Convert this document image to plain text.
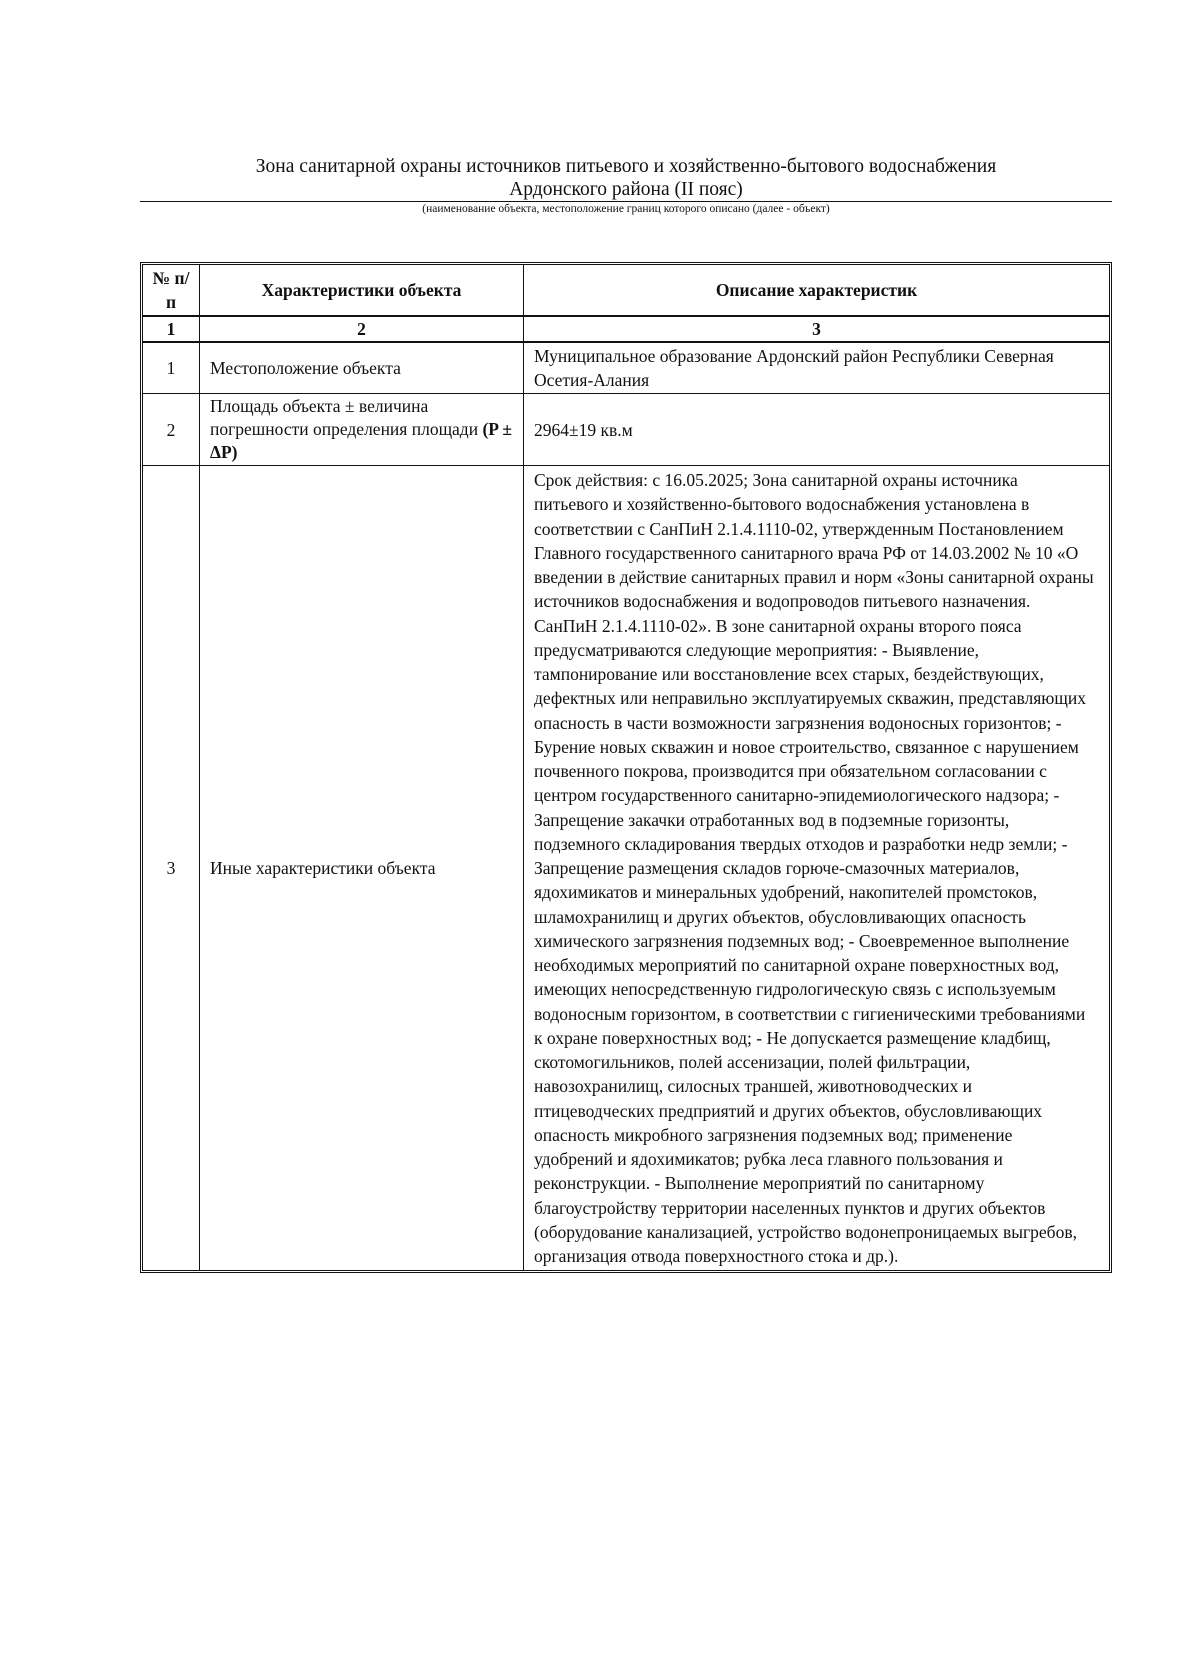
Зона санитарной охраны источников питьевого и хозяйственно-бытового водоснабжения
Ардонского района (II пояс)
(наименование объекта, местоположение границ которого описано (далее - объект)
№ п/п	Характеристики объекта	Описание характеристик
1	2	3
1	Местоположение объекта	Муниципальное образование Ардонский район Республики Северная Осетия-Алания
2	Площадь объекта ± величина погрешности определения площади (P ± ΔP)	2964±19 кв.м
3	Иные характеристики объекта	Срок действия: с 16.05.2025; Зона санитарной охраны источника питьевого и хозяйственно-бытового водоснабжения установлена в соответствии с СанПиН 2.1.4.1110-02, утвержденным Постановлением Главного государственного санитарного врача РФ от 14.03.2002 № 10 «О введении в действие санитарных правил и норм «Зоны санитарной охраны источников водоснабжения и водопроводов питьевого назначения. СанПиН 2.1.4.1110-02». В зоне санитарной охраны второго пояса предусматриваются следующие мероприятия: - Выявление, тампонирование или восстановление всех старых, бездействующих, дефектных или неправильно эксплуатируемых скважин, представляющих опасность в части возможности загрязнения водоносных горизонтов; - Бурение новых скважин и новое строительство, связанное с нарушением почвенного покрова, производится при обязательном согласовании с центром государственного санитарно-эпидемиологического надзора; - Запрещение закачки отработанных вод в подземные горизонты, подземного складирования твердых отходов и разработки недр земли; - Запрещение размещения складов горюче-смазочных материалов, ядохимикатов и минеральных удобрений, накопителей промстоков, шламохранилищ и других объектов, обусловливающих опасность химического загрязнения подземных вод; - Своевременное выполнение необходимых мероприятий по санитарной охране поверхностных вод, имеющих непосредственную гидрологическую связь с используемым водоносным горизонтом, в соответствии с гигиеническими требованиями к охране поверхностных вод; - Не допускается размещение кладбищ, скотомогильников, полей ассенизации, полей фильтрации, навозохранилищ, силосных траншей, животноводческих и птицеводческих предприятий и других объектов, обусловливающих опасность микробного загрязнения подземных вод; применение удобрений и ядохимикатов; рубка леса главного пользования и реконструкции. - Выполнение мероприятий по санитарному благоустройству территории населенных пунктов и других объектов (оборудование канализацией, устройство водонепроницаемых выгребов, организация отвода поверхностного стока и др.).
